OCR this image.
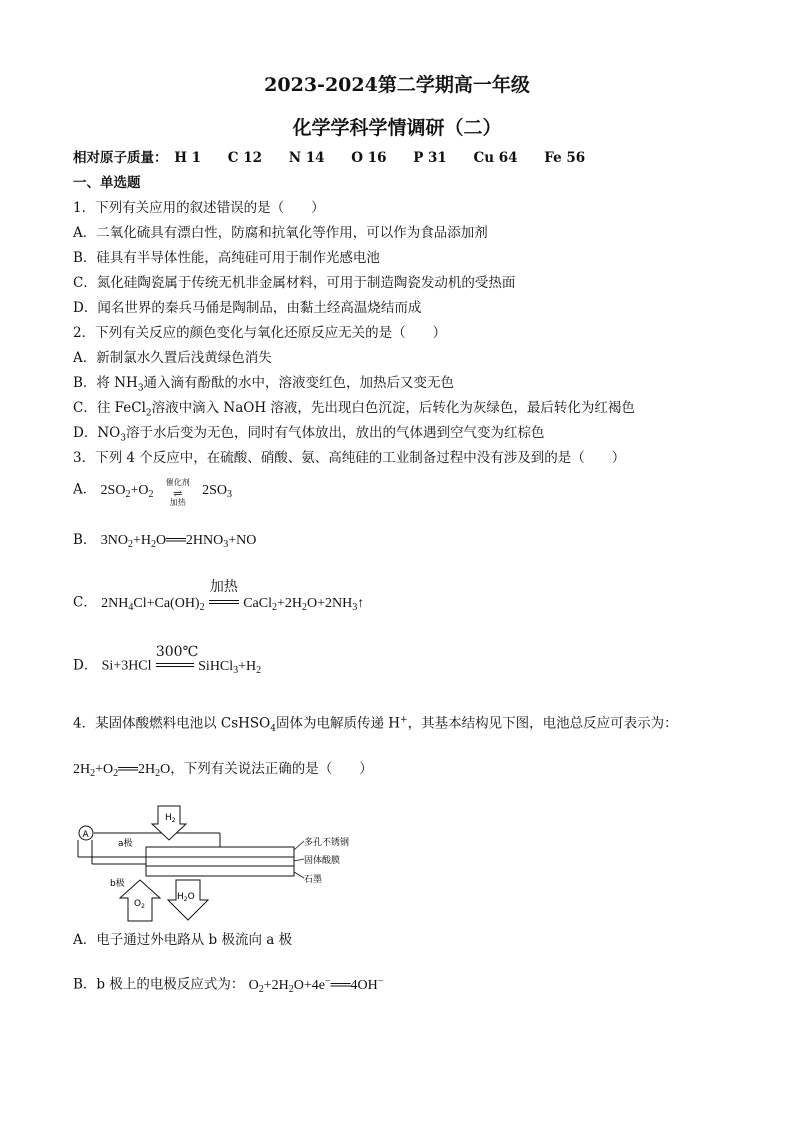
2023-2024第二学期高一年级
化学学科学情调研（二）
相对原子质量： H 1 C 12 N 14 O 16 P 31 Cu 64 Fe 56
一、单选题
1．下列有关应用的叙述错误的是（　　）
A．二氧化硫具有漂白性，防腐和抗氧化等作用，可以作为食品添加剂
B．硅具有半导体性能，高纯硅可用于制作光感电池
C．氮化硅陶瓷属于传统无机非金属材料，可用于制造陶瓷发动机的受热面
D．闻名世界的秦兵马俑是陶制品，由黏土经高温烧结而成
2．下列有关反应的颜色变化与氧化还原反应无关的是（　　）
A．新制氯水久置后浅黄绿色消失
B．将 $NH_3$通入滴有酚酞的水中，溶液变红色，加热后又变无色
C．往 FeCl$_2$溶液中滴入 NaOH 溶液，先出现白色沉淀，后转化为灰绿色，最后转化为红褐色
D．$NO_3$溶于水后变为无色，同时有气体放出，放出的气体遇到空气变为红棕色
3．下列 4 个反应中，在硫酸、硝酸、氨、高纯硅的工业制备过程中没有涉及到的是（　　）
A． $2SO_2+O_2$
催化剂
⇌
加热
$2SO_3$
B． $3NO_2+H_2O══2HNO_3+NO$
C． $2NH_4Cl+Ca(OH)_2$
加热
$CaCl_2+2H_2O+2NH_3↑$
D． Si+3HCl
300℃
$SiHCl_3+H_2$
4．某固体酸燃料电池以 CsHSO$_4$固体为电解质传递 H+，其基本结构见下图，电池总反应可表示为：
$2H_2+O_2══2H_2O$，下列有关说法正确的是（　　）
A
a极
b极
$H_2$
$O_2$
$H_2O$
多孔不锈钢
固体酸膜
石墨
A．电子通过外电路从 b 极流向 a 极
B．b 极上的电极反应式为： $O_2+2H_2O+4e^-══4OH^-$
